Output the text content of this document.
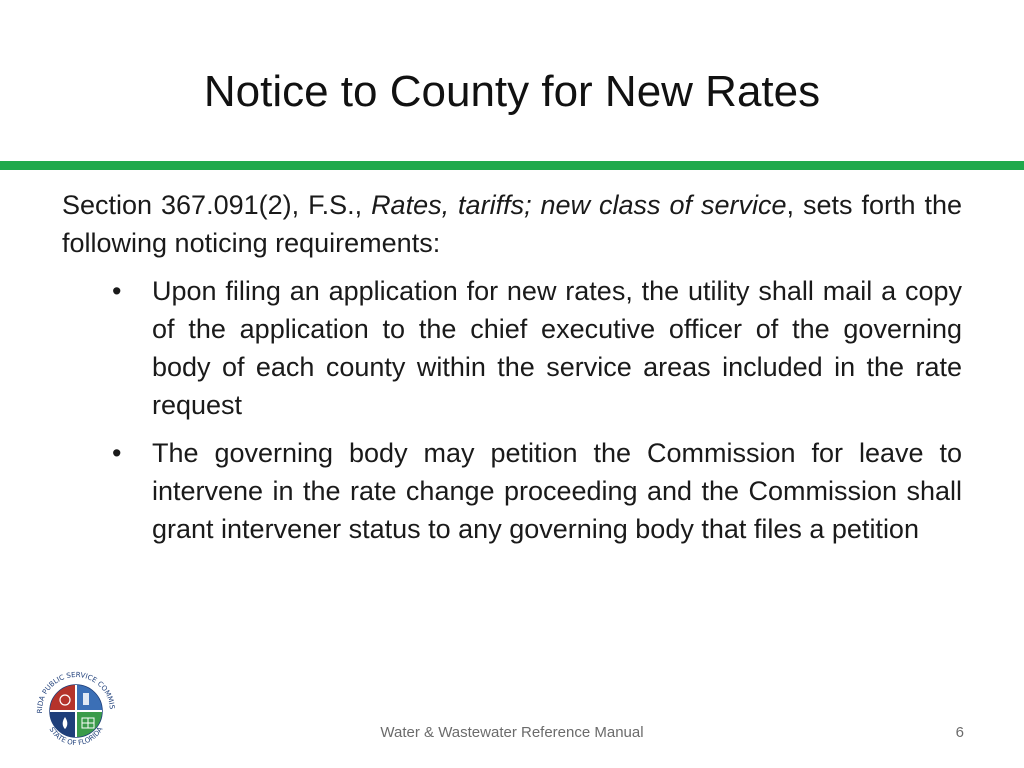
Notice to County for New Rates

Section 367.091(2), F.S., Rates, tariffs; new class of service, sets forth the following noticing requirements:

• Upon filing an application for new rates, the utility shall mail a copy of the application to the chief executive officer of the governing body of each county within the service areas included in the rate request
• The governing body may petition the Commission for leave to intervene in the rate change proceeding and the Commission shall grant intervener status to any governing body that files a petition
RIDA PUBLIC SERVICE COMMIS
STATE OF FLORIDA	Water & Wastewater Reference Manual	6
